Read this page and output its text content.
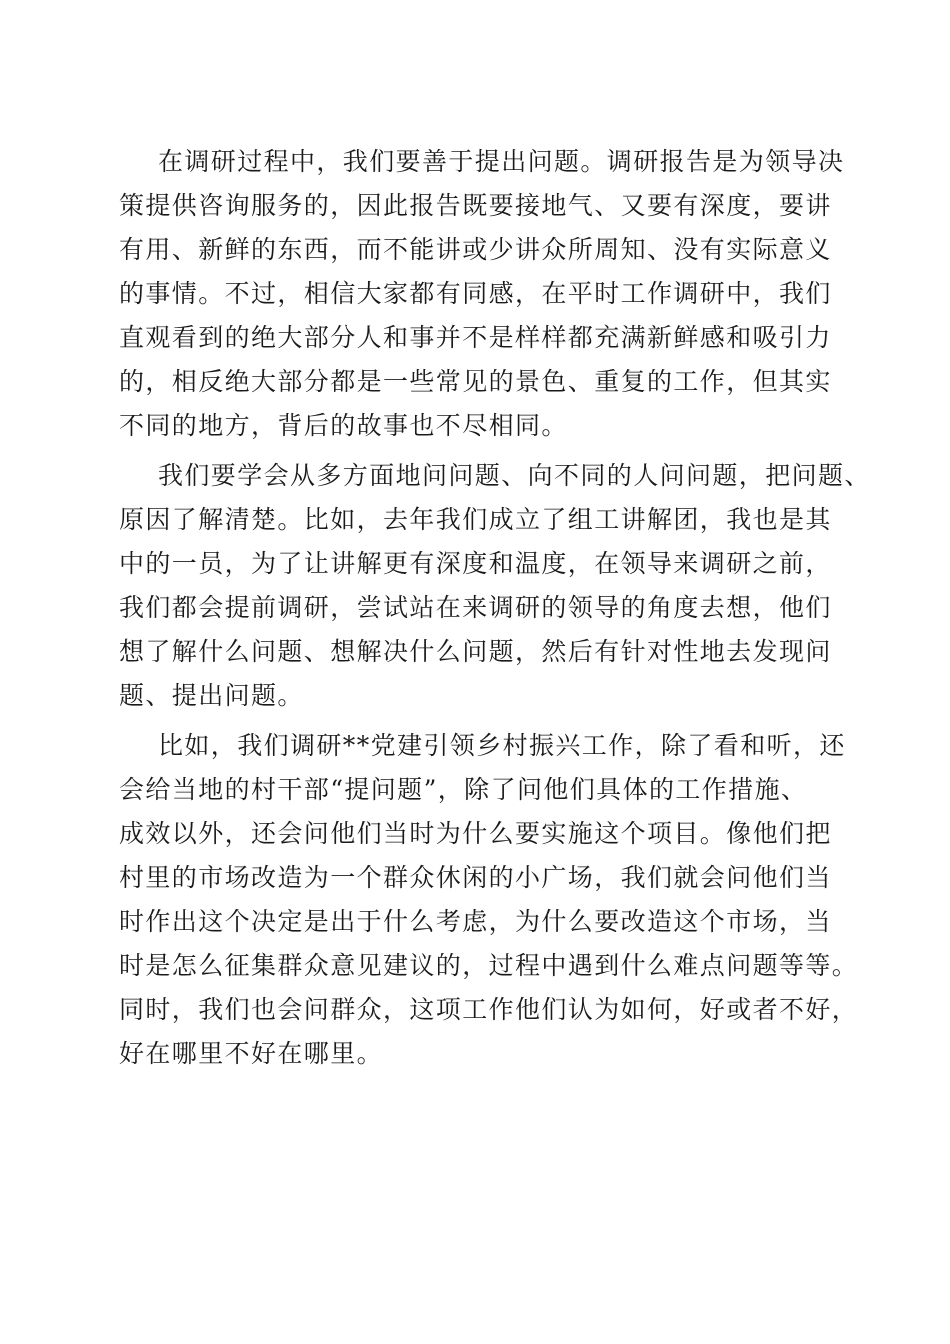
在调研过程中，我们要善于提出问题。调研报告是为领导决
策提供咨询服务的，因此报告既要接地气、又要有深度，要讲
有用、新鲜的东西，而不能讲或少讲众所周知、没有实际意义
的事情。不过，相信大家都有同感，在平时工作调研中，我们
直观看到的绝大部分人和事并不是样样都充满新鲜感和吸引力
的，相反绝大部分都是一些常见的景色、重复的工作，但其实
不同的地方，背后的故事也不尽相同。
我们要学会从多方面地问问题、向不同的人问问题，把问题、
原因了解清楚。比如，去年我们成立了组工讲解团，我也是其
中的一员，为了让讲解更有深度和温度，在领导来调研之前，
我们都会提前调研，尝试站在来调研的领导的角度去想，他们
想了解什么问题、想解决什么问题，然后有针对性地去发现问
题、提出问题。
比如，我们调研**党建引领乡村振兴工作，除了看和听，还
会给当地的村干部“提问题”，除了问他们具体的工作措施、
成效以外，还会问他们当时为什么要实施这个项目。像他们把
村里的市场改造为一个群众休闲的小广场，我们就会问他们当
时作出这个决定是出于什么考虑，为什么要改造这个市场，当
时是怎么征集群众意见建议的，过程中遇到什么难点问题等等。
同时，我们也会问群众，这项工作他们认为如何，好或者不好，
好在哪里不好在哪里。
